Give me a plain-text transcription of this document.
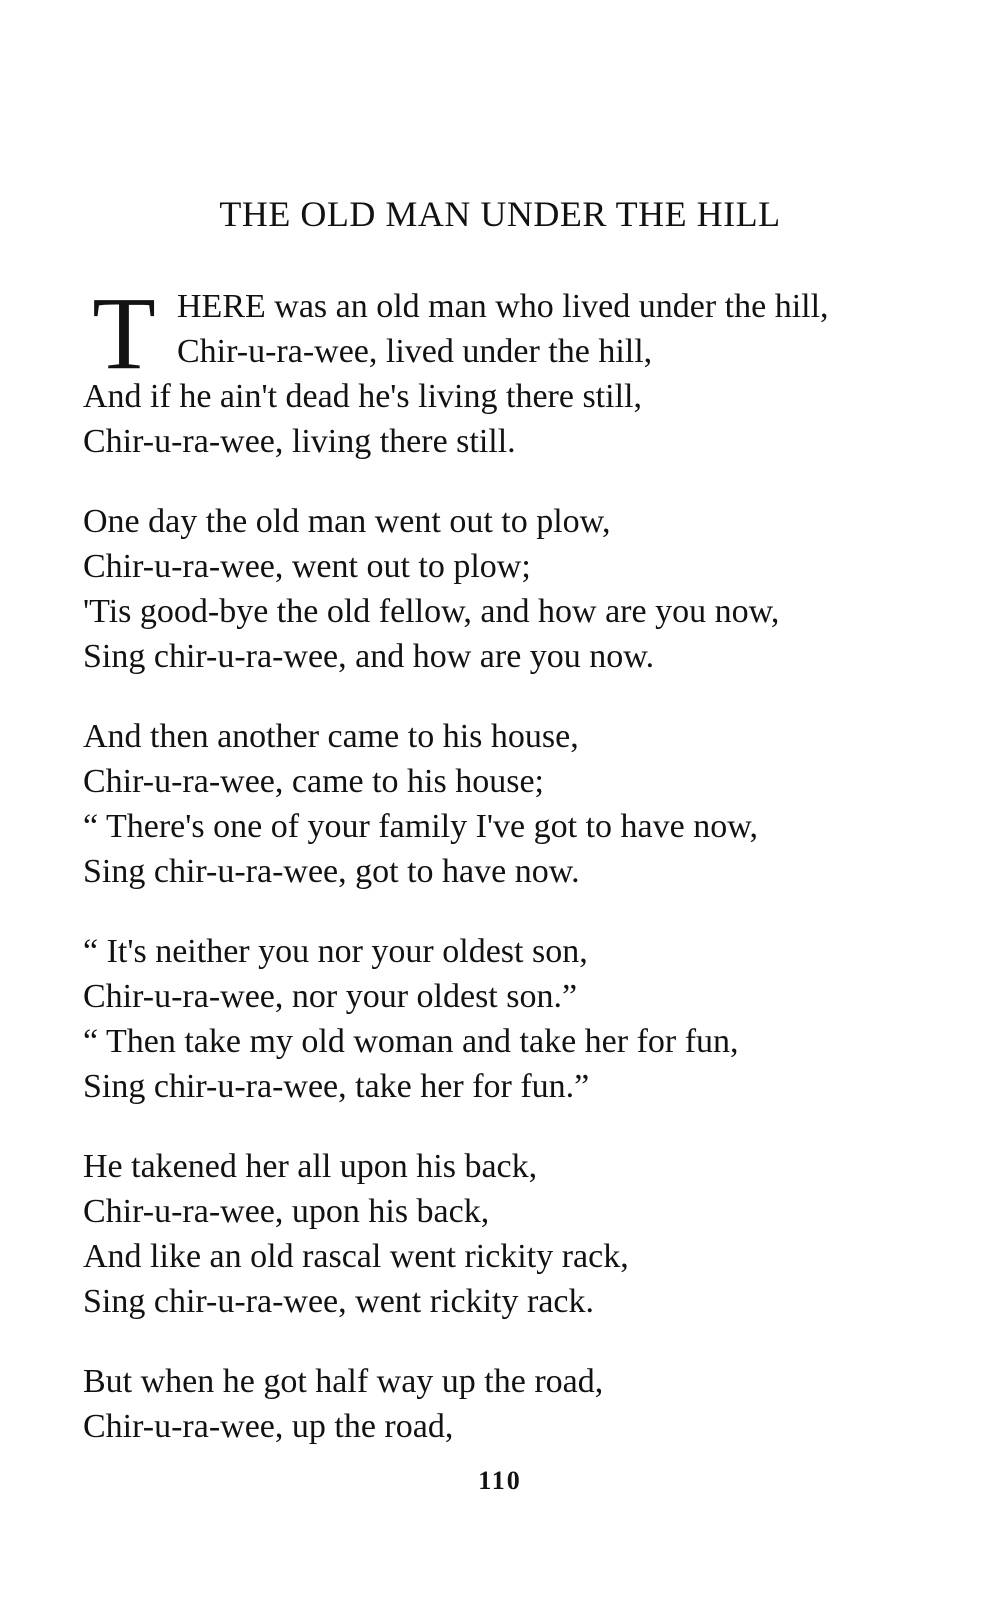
THE OLD MAN UNDER THE HILL
T HERE was an old man who lived under the hill,
Chir-u-ra-wee, lived under the hill,
And if he ain't dead he's living there still,
Chir-u-ra-wee, living there still.
One day the old man went out to plow,
Chir-u-ra-wee, went out to plow;
'Tis good-bye the old fellow, and how are you now,
Sing chir-u-ra-wee, and how are you now.
And then another came to his house,
Chir-u-ra-wee, came to his house;
“ There's one of your family I've got to have now,
Sing chir-u-ra-wee, got to have now.
“ It's neither you nor your oldest son,
Chir-u-ra-wee, nor your oldest son.”
“ Then take my old woman and take her for fun,
Sing chir-u-ra-wee, take her for fun.”
He takened her all upon his back,
Chir-u-ra-wee, upon his back,
And like an old rascal went rickity rack,
Sing chir-u-ra-wee, went rickity rack.
But when he got half way up the road,
Chir-u-ra-wee, up the road,
110
